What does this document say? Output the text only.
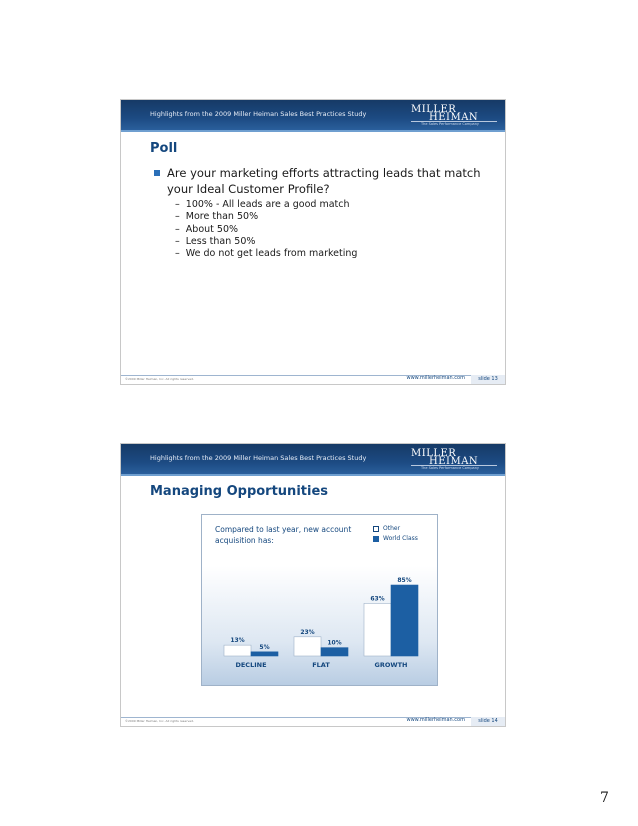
Highlights from the 2009 Miller Heiman Sales Best Practices Study	MILLER
HEIMAN
The Sales Performance Company
Poll
Are your marketing efforts attracting leads that match your Ideal Customer Profile?
–  100% - All leads are a good match
–  More than 50%
–  About 50%
–  Less than 50%
–  We do not get leads from marketing
©2009 Miller Heiman, Inc. All rights reserved.	www.millerheiman.com	slide 13
Highlights from the 2009 Miller Heiman Sales Best Practices Study	MILLER
HEIMAN
The Sales Performance Company
Managing Opportunities
Compared to last year, new account acquisition has:
Other
World Class
13%
5%
DECLINE
23%
10%
FLAT
63%
85%
GROWTH
©2009 Miller Heiman, Inc. All rights reserved.	www.millerheiman.com	slide 14
7
